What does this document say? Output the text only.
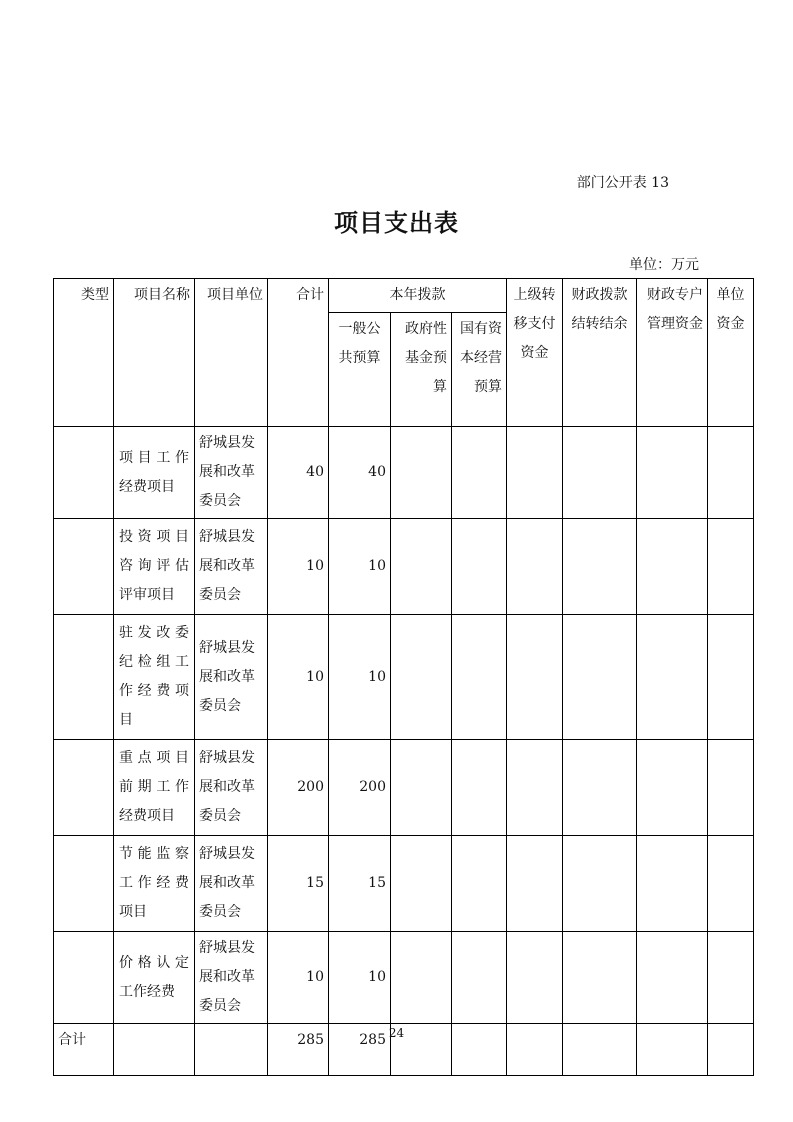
部门公开表 13
项目支出表
单位：万元
类型	项目名称	项目单位	合计	本年拨款			上级转移支付资金	财政拨款结转结余	财政专户管理资金	单位资金
				一般公共预算	政府性基金预算	国有资本经营预算				

	项目工作
经费项目	舒城县发
展和改革
委员会	40	40						

	投资项目
咨询评估
评审项目	舒城县发
展和改革
委员会	10	10						

	驻发改委
纪检组工
作经费项
目	舒城县发
展和改革
委员会	10	10						

	重点项目
前期工作
经费项目	舒城县发
展和改革
委员会	200	200						

	节能监察
工作经费
项目	舒城县发
展和改革
委员会	15	15						

	价格认定
工作经费	舒城县发
展和改革
委员会	10	10						
合计			285	285						24
